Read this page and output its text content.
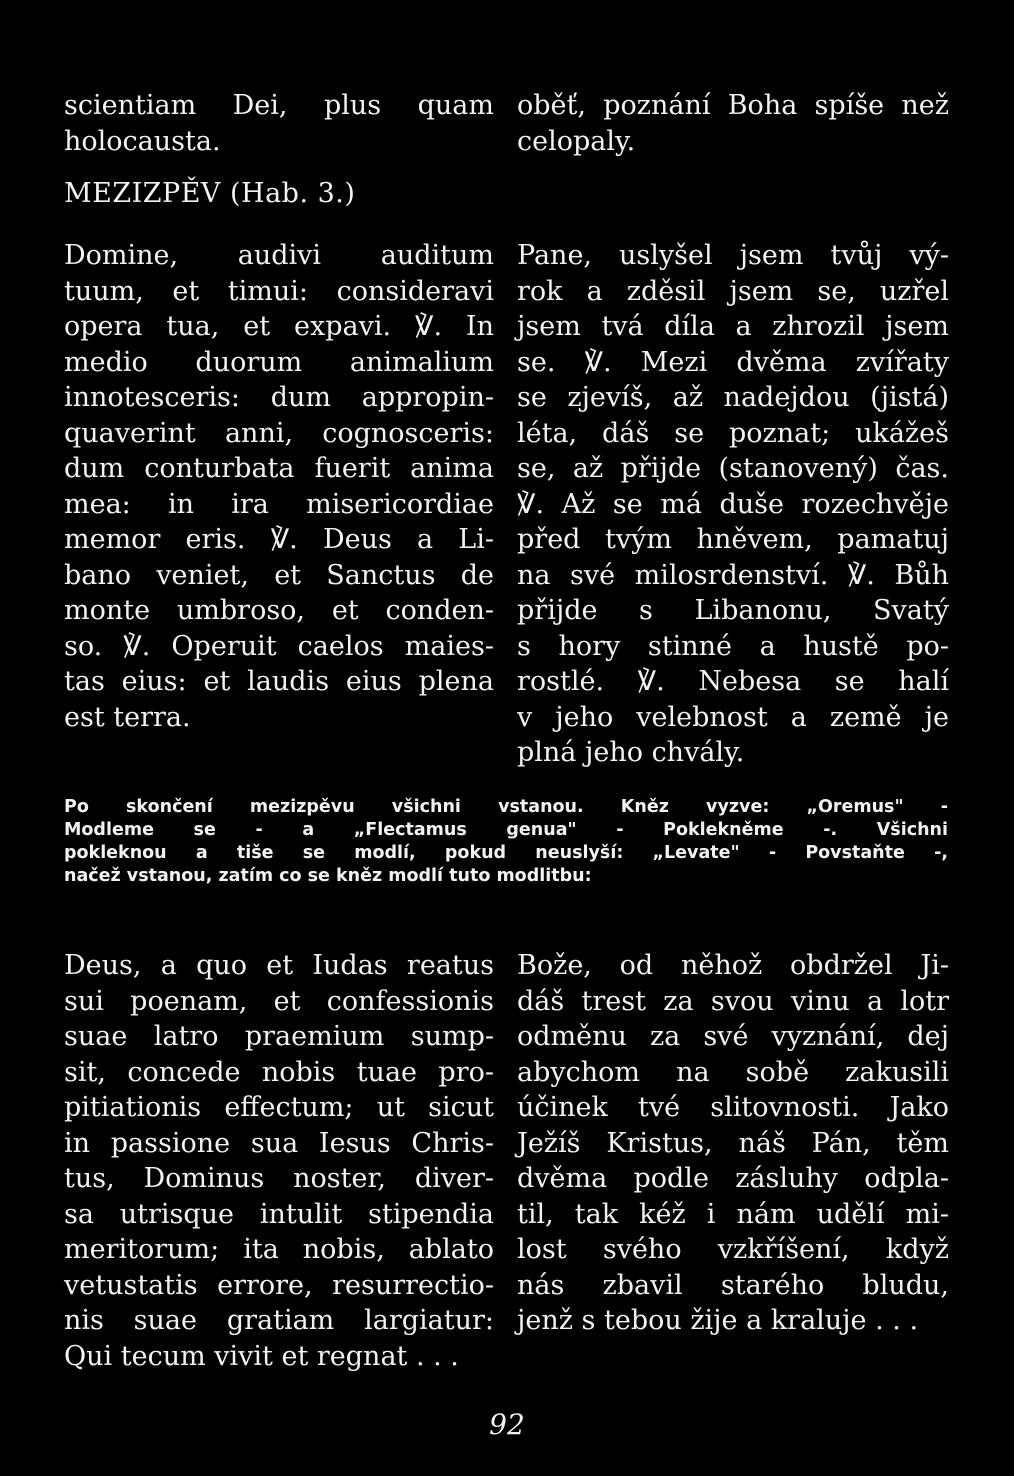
scientiam Dei, plus quam
holocausta.
oběť, poznání Boha spíše než
celopaly.
MEZIZPĚV (Hab. 3.)
Domine, audivi auditum
tuum, et timui: consideravi
opera tua, et expavi. ℣. In
medio duorum animalium
innotesceris: dum appropin-
quaverint anni, cognosceris:
dum conturbata fuerit anima
mea: in ira misericordiae
memor eris. ℣. Deus a Li-
bano veniet, et Sanctus de
monte umbroso, et conden-
so. ℣. Operuit caelos maies-
tas eius: et laudis eius plena
est terra.
Pane, uslyšel jsem tvůj vý-
rok a zděsil jsem se, uzřel
jsem tvá díla a zhrozil jsem
se. ℣. Mezi dvěma zvířaty
se zjevíš, až nadejdou (jistá)
léta, dáš se poznat; ukážeš
se, až přijde (stanovený) čas.
℣. Až se má duše rozechvěje
před tvým hněvem, pamatuj
na své milosrdenství. ℣. Bůh
přijde s Libanonu, Svatý
s hory stinné a hustě po-
rostlé. ℣. Nebesa se halí
v jeho velebnost a země je
plná jeho chvály.
Po skončení mezizpěvu všichni vstanou. Kněz vyzve: „Oremus" -
Modleme se - a „Flectamus genua" - Poklekněme -. Všichni
pokleknou a tiše se modlí, pokud neuslyší: „Levate" - Povstaňte -,
načež vstanou, zatím co se kněz modlí tuto modlitbu:
Deus, a quo et Iudas reatus
sui poenam, et confessionis
suae latro praemium sump-
sit, concede nobis tuae pro-
pitiationis effectum; ut sicut
in passione sua Iesus Chris-
tus, Dominus noster, diver-
sa utrisque intulit stipendia
meritorum; ita nobis, ablato
vetustatis errore, resurrectio-
nis suae gratiam largiatur:
Qui tecum vivit et regnat . . .
Bože, od něhož obdržel Ji-
dáš trest za svou vinu a lotr
odměnu za své vyznání, dej
abychom na sobě zakusili
účinek tvé slitovnosti. Jako
Ježíš Kristus, náš Pán, těm
dvěma podle zásluhy odpla-
til, tak kéž i nám udělí mi-
lost svého vzkříšení, když
nás zbavil starého bludu,
jenž s tebou žije a kraluje . . .
92
